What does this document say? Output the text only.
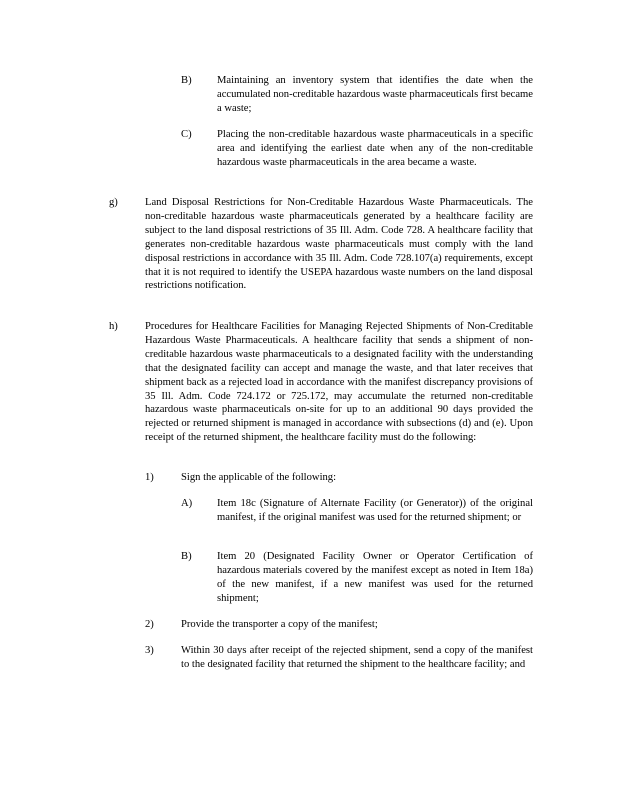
B) Maintaining an inventory system that identifies the date when the accumulated non-creditable hazardous waste pharmaceuticals first became a waste;
C) Placing the non-creditable hazardous waste pharmaceuticals in a specific area and identifying the earliest date when any of the non-creditable hazardous waste pharmaceuticals in the area became a waste.
g)	Land Disposal Restrictions for Non-Creditable Hazardous Waste Pharmaceuticals. The non-creditable hazardous waste pharmaceuticals generated by a healthcare facility are subject to the land disposal restrictions of 35 Ill. Adm. Code 728. A healthcare facility that generates non-creditable hazardous waste pharmaceuticals must comply with the land disposal restrictions in accordance with 35 Ill. Adm. Code 728.107(a) requirements, except that it is not required to identify the USEPA hazardous waste numbers on the land disposal restrictions notification.
h)	Procedures for Healthcare Facilities for Managing Rejected Shipments of Non-Creditable Hazardous Waste Pharmaceuticals. A healthcare facility that sends a shipment of non-creditable hazardous waste pharmaceuticals to a designated facility with the understanding that the designated facility can accept and manage the waste, and that later receives that shipment back as a rejected load in accordance with the manifest discrepancy provisions of 35 Ill. Adm. Code 724.172 or 725.172, may accumulate the returned non-creditable hazardous waste pharmaceuticals on-site for up to an additional 90 days provided the rejected or returned shipment is managed in accordance with subsections (d) and (e). Upon receipt of the returned shipment, the healthcare facility must do the following:
1)	Sign the applicable of the following:
A) Item 18c (Signature of Alternate Facility (or Generator)) of the original manifest, if the original manifest was used for the returned shipment; or
B) Item 20 (Designated Facility Owner or Operator Certification of hazardous materials covered by the manifest except as noted in Item 18a) of the new manifest, if a new manifest was used for the returned shipment;
2)	Provide the transporter a copy of the manifest;
3)	Within 30 days after receipt of the rejected shipment, send a copy of the manifest to the designated facility that returned the shipment to the healthcare facility; and
